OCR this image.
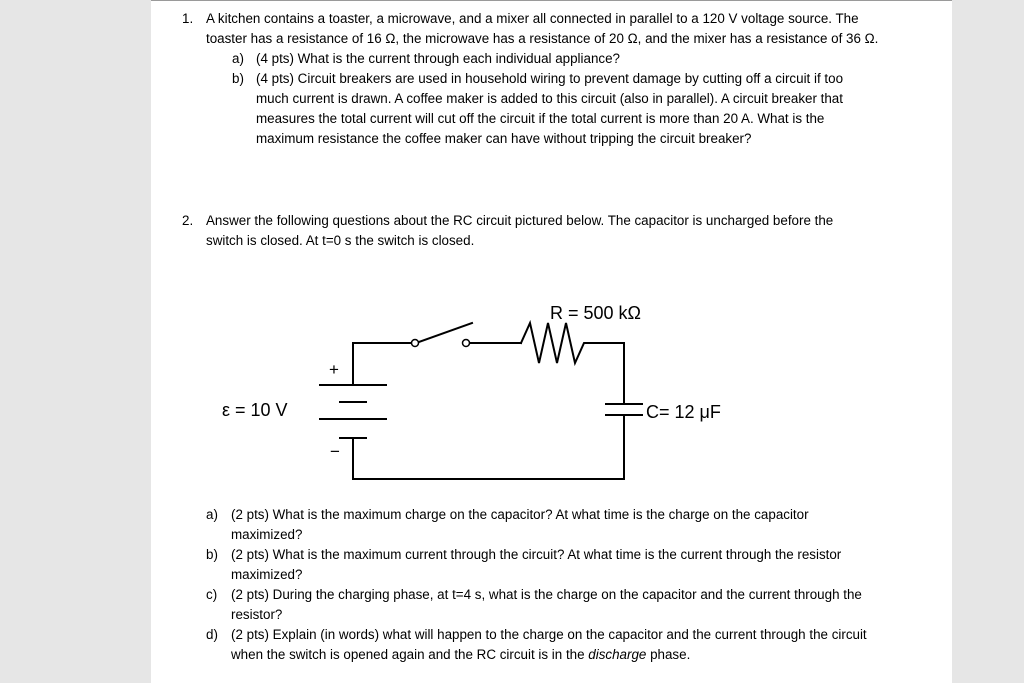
1. A kitchen contains a toaster, a microwave, and a mixer all connected in parallel to a 120 V voltage source. The
toaster has a resistance of 16 Ω, the microwave has a resistance of 20 Ω, and the mixer has a resistance of 36 Ω.
a) (4 pts) What is the current through each individual appliance?
b) (4 pts) Circuit breakers are used in household wiring to prevent damage by cutting off a circuit if too
much current is drawn. A coffee maker is added to this circuit (also in parallel). A circuit breaker that
measures the total current will cut off the circuit if the total current is more than 20 A. What is the
maximum resistance the coffee maker can have without tripping the circuit breaker?
2. Answer the following questions about the RC circuit pictured below. The capacitor is uncharged before the
switch is closed. At t=0 s the switch is closed.
R = 500 kΩ
ε = 10 V	C= 12 μF
+
−
a) (2 pts) What is the maximum charge on the capacitor? At what time is the charge on the capacitor
maximized?
b) (2 pts) What is the maximum current through the circuit? At what time is the current through the resistor
maximized?
c) (2 pts) During the charging phase, at t=4 s, what is the charge on the capacitor and the current through the
resistor?
d) (2 pts) Explain (in words) what will happen to the charge on the capacitor and the current through the circuit
when the switch is opened again and the RC circuit is in the discharge phase.
